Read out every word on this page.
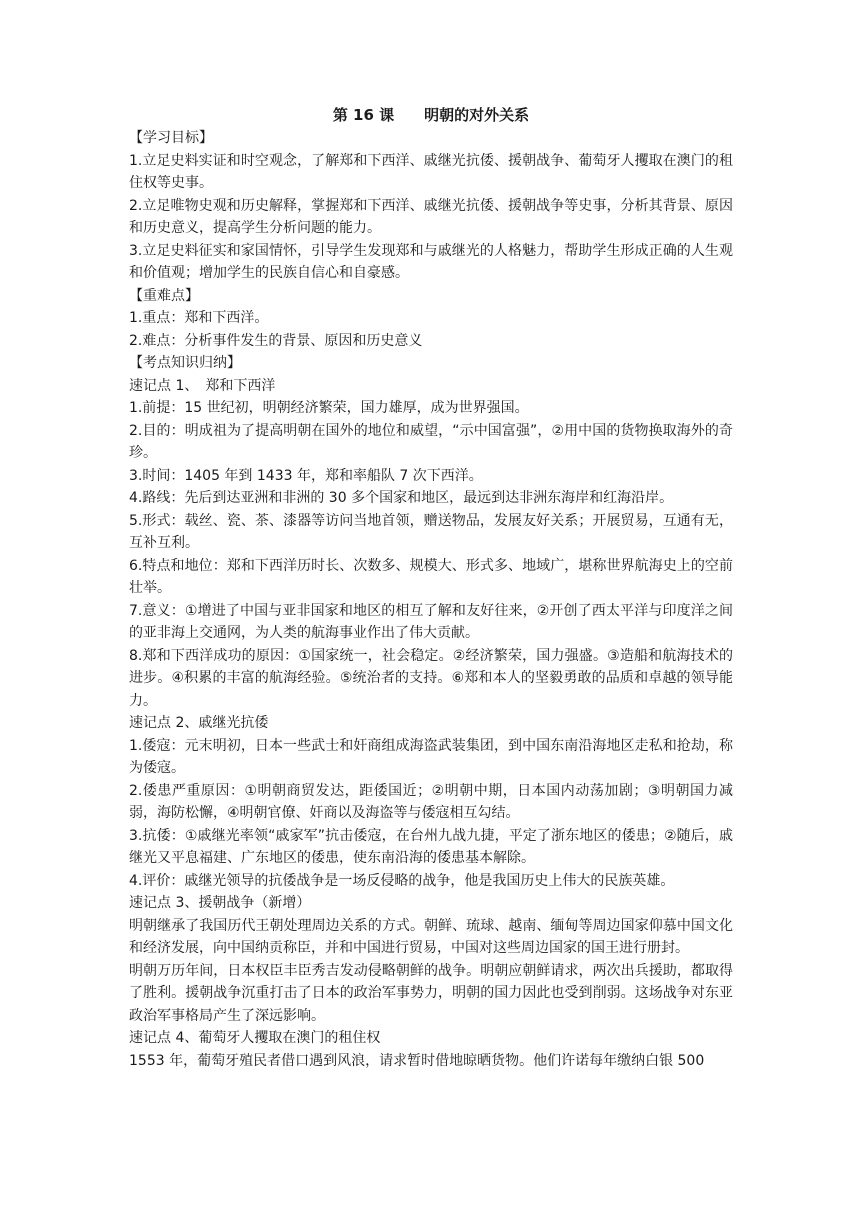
第 16 课　　明朝的对外关系

【学习目标】

1.立足史料实证和时空观念，了解郑和下西洋、戚继光抗倭、援朝战争、葡萄牙人攫取在澳门的租住权等史事。

2.立足唯物史观和历史解释，掌握郑和下西洋、戚继光抗倭、援朝战争等史事，分析其背景、原因和历史意义，提高学生分析问题的能力。

3.立足史料征实和家国情怀，引导学生发现郑和与戚继光的人格魅力，帮助学生形成正确的人生观和价值观；增加学生的民族自信心和自豪感。

【重难点】

1.重点：郑和下西洋。

2.难点：分析事件发生的背景、原因和历史意义

【考点知识归纳】

速记点 1、　郑和下西洋

1.前提：15 世纪初，明朝经济繁荣，国力雄厚，成为世界强国。

2.目的：明成祖为了提高明朝在国外的地位和威望，“示中国富强”，②用中国的货物换取海外的奇珍。

3.时间：1405 年到 1433 年，郑和率船队 7 次下西洋。

4.路线：先后到达亚洲和非洲的 30 多个国家和地区，最远到达非洲东海岸和红海沿岸。

5.形式：载丝、瓷、茶、漆器等访问当地首领，赠送物品，发展友好关系；开展贸易，互通有无，互补互利。

6.特点和地位：郑和下西洋历时长、次数多、规模大、形式多、地域广，堪称世界航海史上的空前壮举。

7.意义：①增进了中国与亚非国家和地区的相互了解和友好往来，②开创了西太平洋与印度洋之间的亚非海上交通网，为人类的航海事业作出了伟大贡献。

8.郑和下西洋成功的原因：①国家统一，社会稳定。②经济繁荣，国力强盛。③造船和航海技术的进步。④积累的丰富的航海经验。⑤统治者的支持。⑥郑和本人的坚毅勇敢的品质和卓越的领导能力。

速记点 2、戚继光抗倭

1.倭寇：元末明初，日本一些武士和奸商组成海盗武装集团，到中国东南沿海地区走私和抢劫，称为倭寇。

2.倭患严重原因：①明朝商贸发达，距倭国近；②明朝中期，日本国内动荡加剧；③明朝国力减弱，海防松懈，④明朝官僚、奸商以及海盗等与倭寇相互勾结。

3.抗倭：①戚继光率领“戚家军”抗击倭寇，在台州九战九捷，平定了浙东地区的倭患；②随后，戚继光又平息福建、广东地区的倭患，使东南沿海的倭患基本解除。

4.评价：戚继光领导的抗倭战争是一场反侵略的战争，他是我国历史上伟大的民族英雄。

速记点 3、援朝战争（新增）

明朝继承了我国历代王朝处理周边关系的方式。朝鲜、琉球、越南、缅甸等周边国家仰慕中国文化和经济发展，向中国纳贡称臣，并和中国进行贸易，中国对这些周边国家的国王进行册封。

明朝万历年间，日本权臣丰臣秀吉发动侵略朝鲜的战争。明朝应朝鲜请求，两次出兵援助，都取得了胜利。援朝战争沉重打击了日本的政治军事势力，明朝的国力因此也受到削弱。这场战争对东亚政治军事格局产生了深远影响。

速记点 4、葡萄牙人攫取在澳门的租住权

1553 年，葡萄牙殖民者借口遇到风浪，请求暂时借地晾晒货物。他们许诺每年缴纳白银 500
